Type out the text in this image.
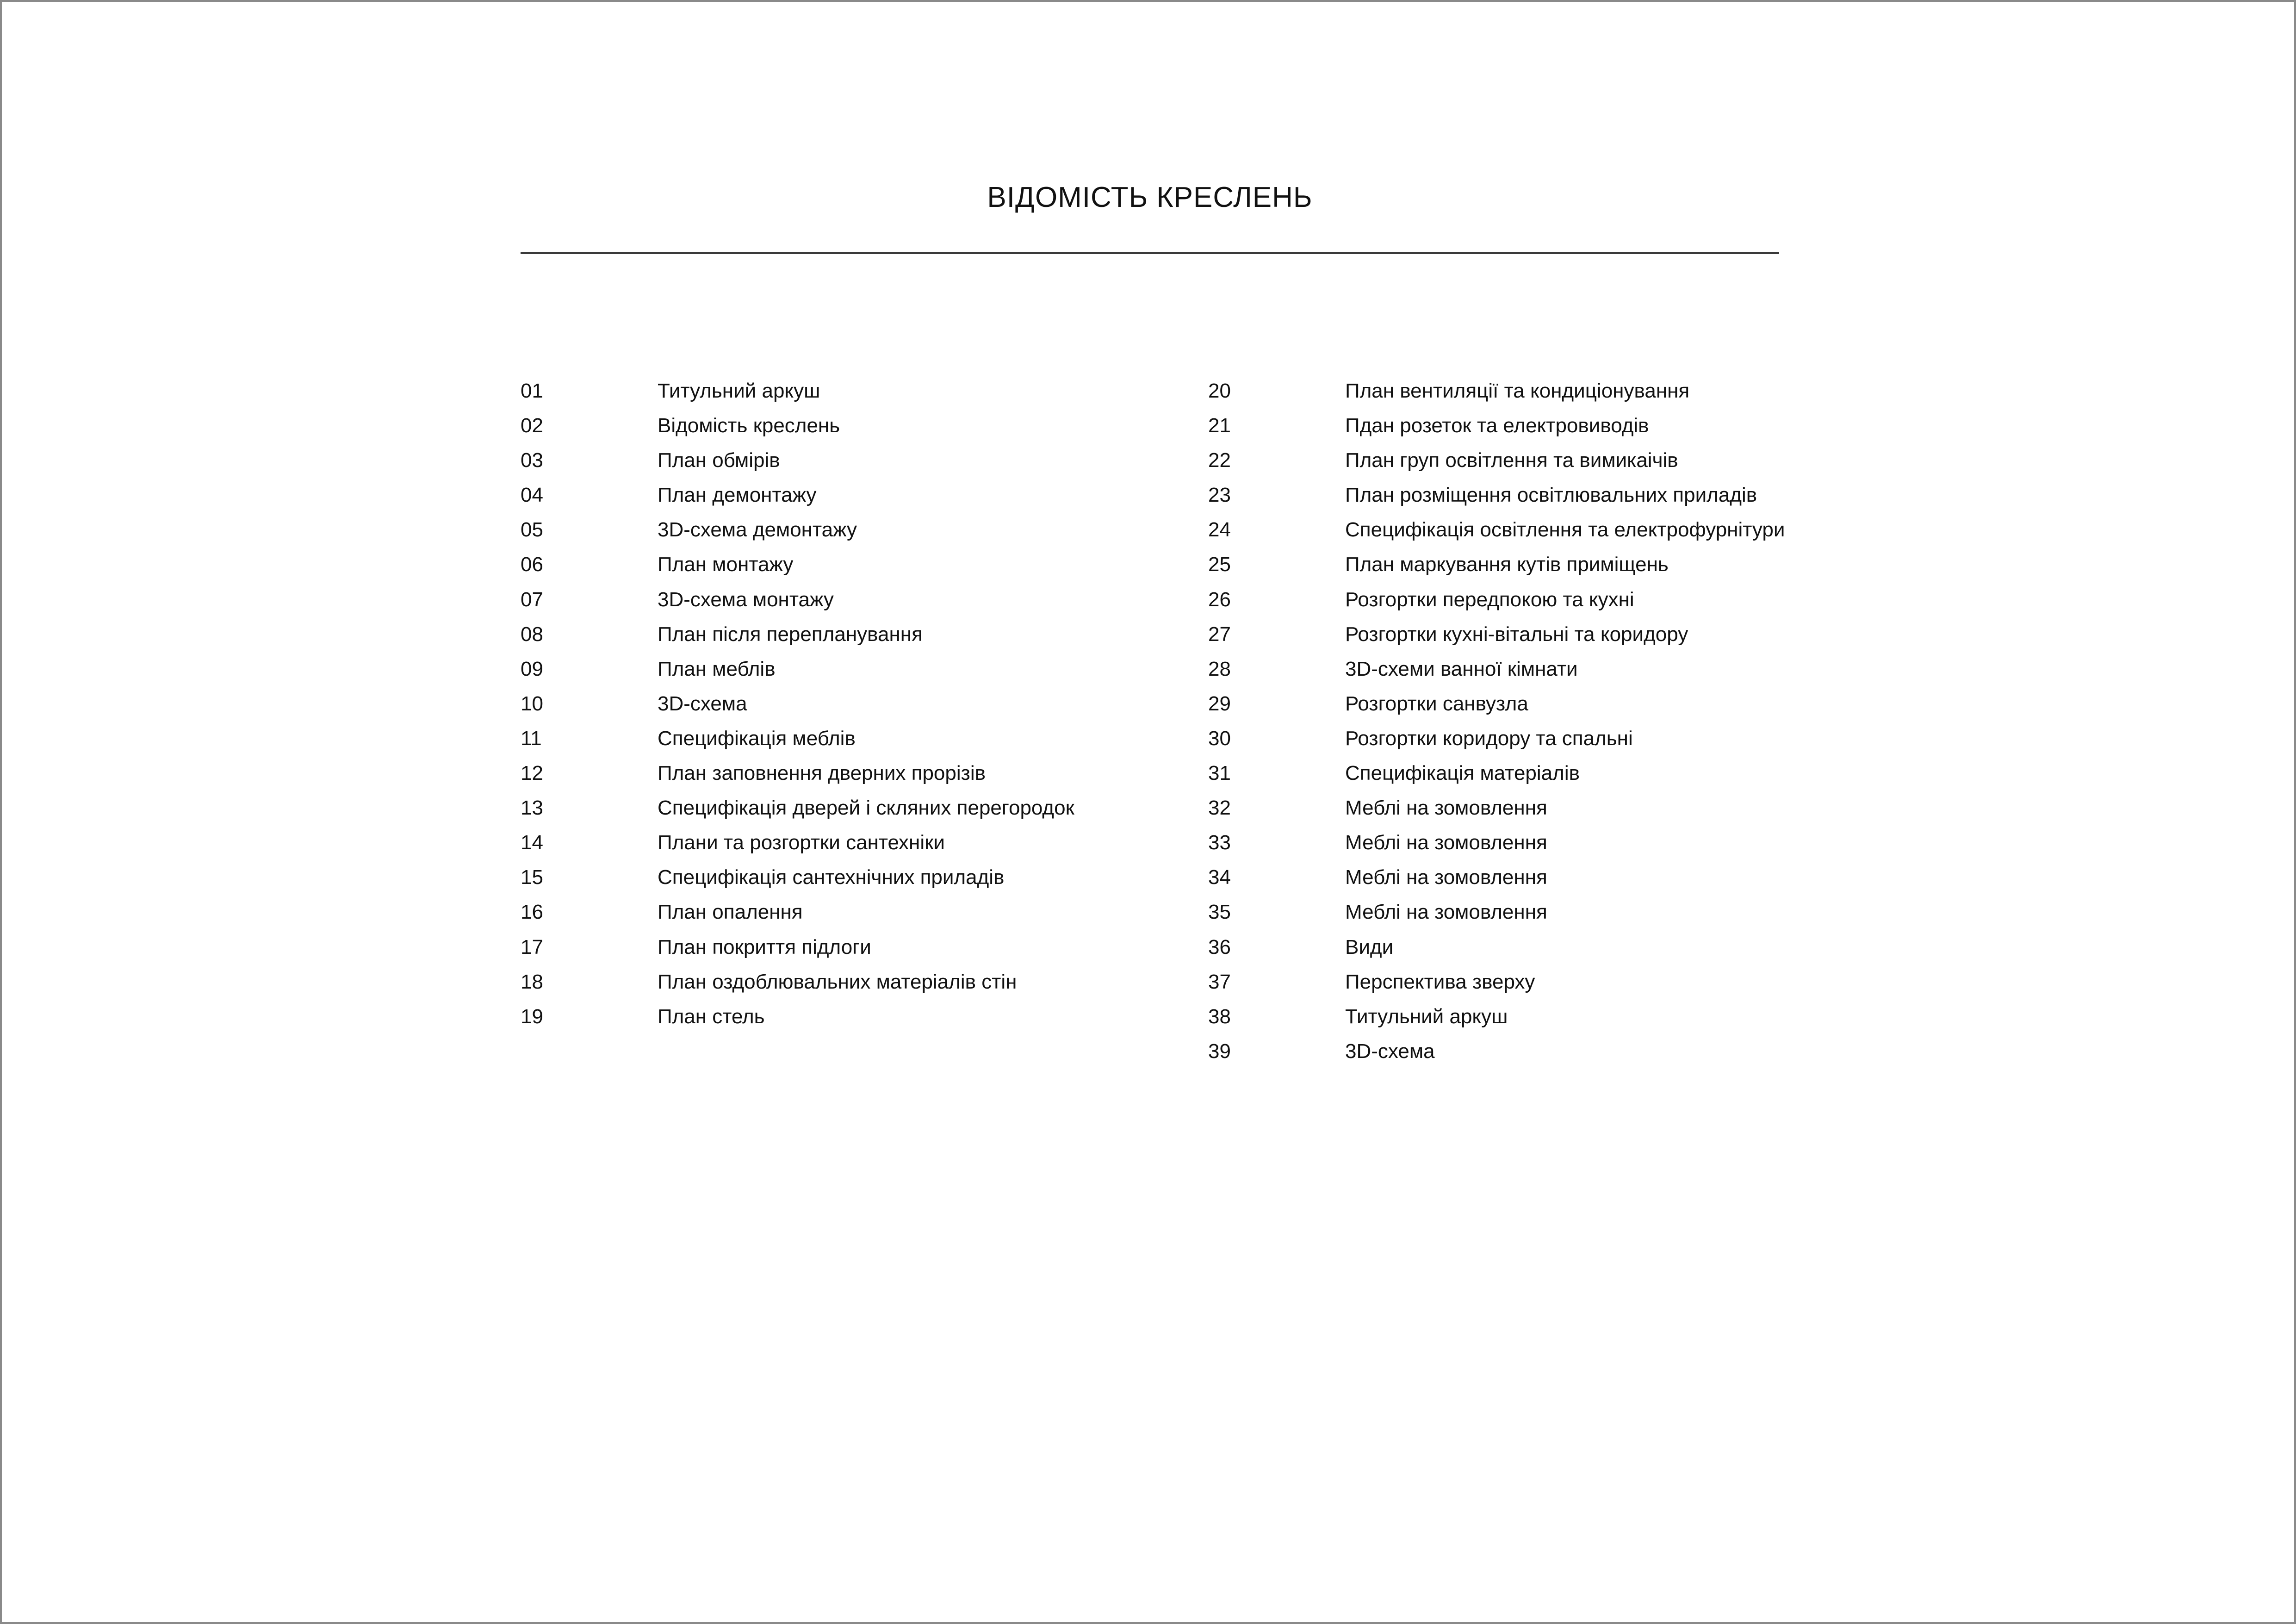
ВІДОМІСТЬ КРЕСЛЕНЬ
01	Титульний аркуш
02	Відомість креслень
03	План обмірів
04	План демонтажу
05	3D-схема демонтажу
06	План монтажу
07	3D-схема монтажу
08	План після перепланування
09	План меблів
10	3D-схема
11	Специфікація меблів
12	План заповнення дверних прорізів
13	Специфікація дверей і скляних перегородок
14	Плани та розгортки сантехніки
15	Специфікація сантехнічних приладів
16	План опалення
17	План покриття підлоги
18	План оздоблювальних матеріалів стін
19	План стель
20	План вентиляції та кондиціонування
21	Пдан розеток та електровиводів
22	План груп освітлення та вимикаічів
23	План розміщення освітлювальних приладів
24	Специфікація освітлення та електрофурнітури
25	План маркування кутів приміщень
26	Розгортки передпокою та кухні
27	Розгортки кухні-вітальні та коридору
28	3D-схеми ванної кімнати
29	Розгортки санвузла
30	Розгортки коридору та спальні
31	Специфікація матеріалів
32	Меблі на зомовлення
33	Меблі на зомовлення
34	Меблі на зомовлення
35	Меблі на зомовлення
36	Види
37	Перспектива зверху
38	Титульний аркуш
39	3D-схема
